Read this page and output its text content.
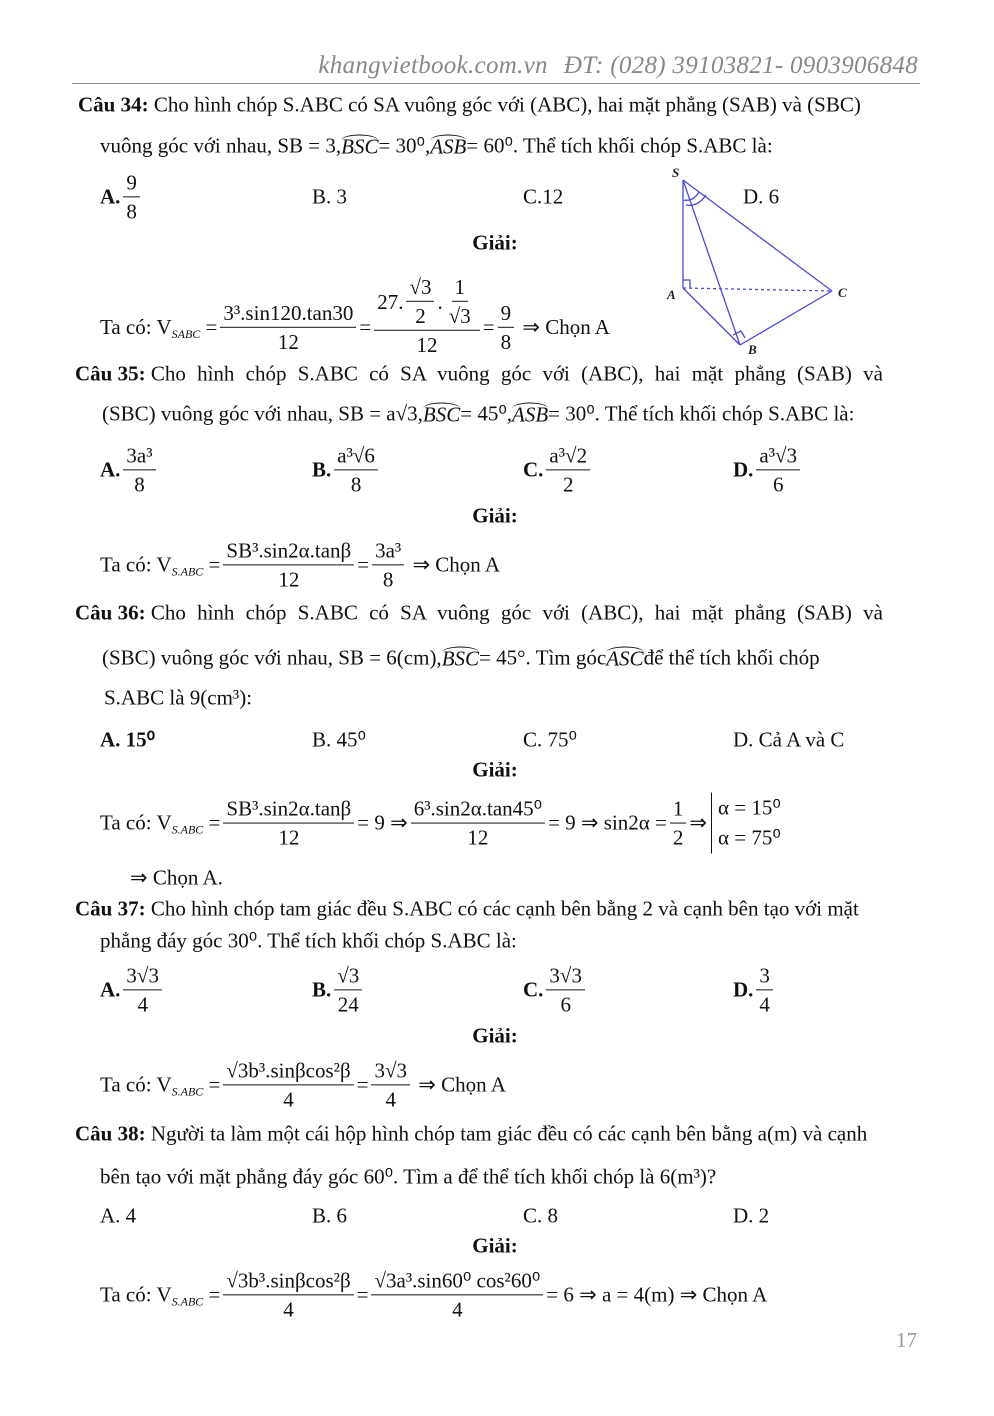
khangvietbook.com.vn ĐT: (028) 39103821- 0903906848
Câu 34:
Cho hình chóp S.ABC có SA vuông góc với (ABC), hai mặt phẳng (SAB) và (SBC)
vuông góc với nhau, SB = 3, BSC = 30⁰, ASB = 60⁰. Thể tích khối chóp S.ABC là:
A. $\frac{9}{8}$	B. 3	C.12	D. 6
Giải:
Ta có: V SABC = $\frac{\text{3³.sin120.tan30}}{12} = \frac{27. \frac{√3}{2} . \frac{1}{√3}}{12} = \frac{9}{8}$
⇒ Chọn A
S
A	C
B
Câu 35:
Cho hình chóp S.ABC có SA vuông góc với (ABC), hai mặt phẳng (SAB) và
(SBC) vuông góc với nhau, SB = a√3, BSC = 45⁰, ASB = 30⁰. Thể tích khối chóp S.ABC là:
A. $\frac{\text{3a³}}{8}$	B. $\frac{\text{a³√6}}{8}$	C. $\frac{\text{a³√2}}{2}$	D. $\frac{\text{a³√3}}{6}$
Giải:
Ta có: V $S.ABC = \frac{\text{SB³.sin2α.tanβ}}{12} = \frac{\text{3a³}}{8}$
⇒ Chọn A
Câu 36:
Cho hình chóp S.ABC có SA vuông góc với (ABC), hai mặt phẳng (SAB) và
(SBC) vuông góc với nhau, SB = 6(cm), BSC = 45°. Tìm góc ASC để thể tích khối chóp
S.ABC là 9(cm³):
A. 15⁰	B. 45⁰	C. 75⁰	D. Cả A và C
Giải:
Ta có: V $S.ABC = \frac{\text{SB³.sin2α.tanβ}}{12} = 9$ ⇒ $\frac{\text{6³.sin2α.tan45⁰}}{12} = 9$ ⇒ $\sin 2\alpha = \frac{1}{2}$ ⇒
α = 15⁰
α = 75⁰
⇒ Chọn A.
Câu 37:
Cho hình chóp tam giác đều S.ABC có các cạnh bên bằng 2 và cạnh bên tạo với mặt
phẳng đáy góc 30⁰. Thể tích khối chóp S.ABC là:
A. $\frac{3√3}{4}$	B. $\frac{√3}{24}$	C. $\frac{3√3}{6}$	D. $\frac{3}{4}$
Giải:
Ta có: V $S.ABC = \frac{\text{√3b³.sinβcos²β}}{4} = \frac{3√3}{4}$
⇒ Chọn A
Câu 38:
Người ta làm một cái hộp hình chóp tam giác đều có các cạnh bên bằng a(m) và cạnh
bên tạo với mặt phẳng đáy góc 60⁰. Tìm a để thể tích khối chóp là 6(m³)?
A. 4	B. 6	C. 8	D. 2
Giải:
Ta có: V $S.ABC = \frac{\text{√3b³.sinβcos²β}}{4} = \frac{\text{√3a³.sin60⁰ cos²60⁰}}{4} = 6$ ⇒ a = 4(m) ⇒ Chọn A
17
